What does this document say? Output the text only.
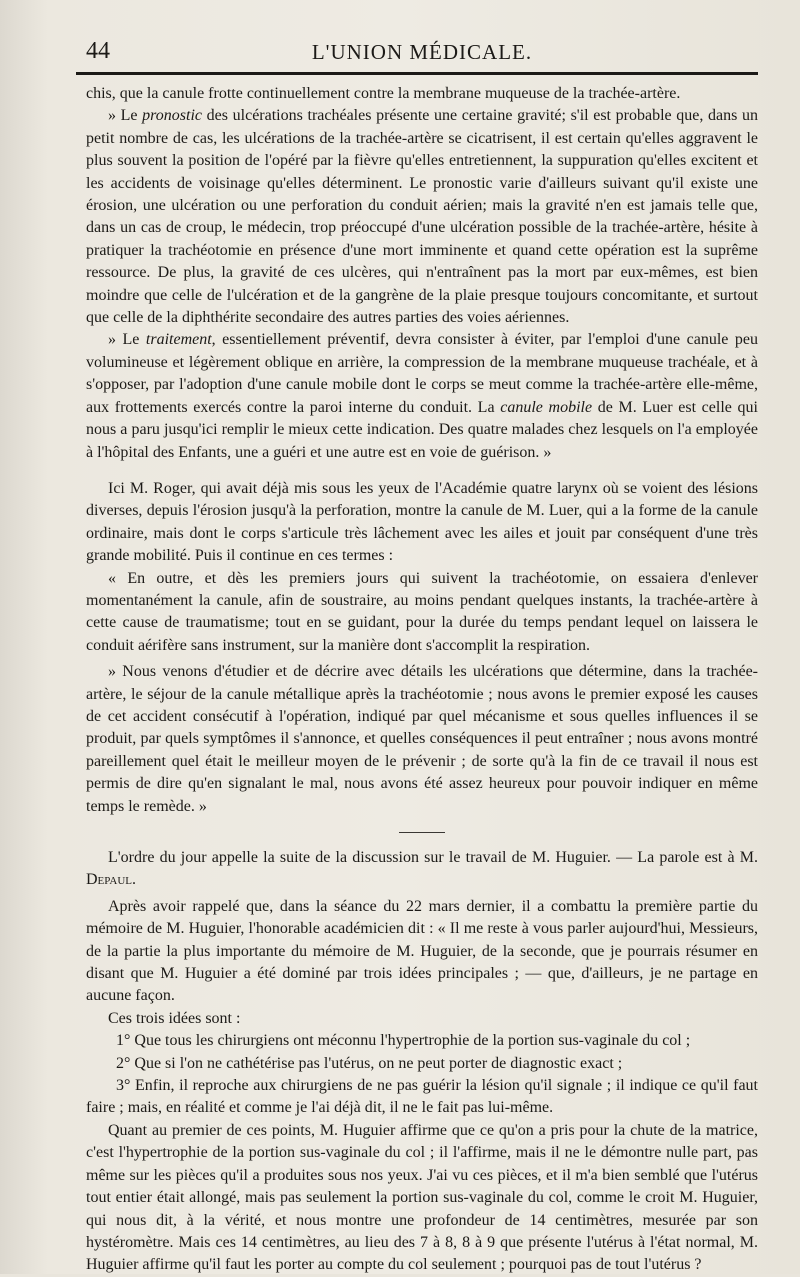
44	L'UNION MÉDICALE.

chis, que la canule frotte continuellement contre la membrane muqueuse de la trachée-artère.

» Le pronostic des ulcérations trachéales présente une certaine gravité; s'il est probable que, dans un petit nombre de cas, les ulcérations de la trachée-artère se cicatrisent, il est certain qu'elles aggravent le plus souvent la position de l'opéré par la fièvre qu'elles entretiennent, la suppuration qu'elles excitent et les accidents de voisinage qu'elles déterminent. Le pronostic varie d'ailleurs suivant qu'il existe une érosion, une ulcération ou une perforation du conduit aérien; mais la gravité n'en est jamais telle que, dans un cas de croup, le médecin, trop préoccupé d'une ulcération possible de la trachée-artère, hésite à pratiquer la trachéotomie en présence d'une mort imminente et quand cette opération est la suprême ressource. De plus, la gravité de ces ulcères, qui n'entraînent pas la mort par eux-mêmes, est bien moindre que celle de l'ulcération et de la gangrène de la plaie presque toujours concomitante, et surtout que celle de la diphthérite secondaire des autres parties des voies aériennes.

» Le traitement, essentiellement préventif, devra consister à éviter, par l'emploi d'une canule peu volumineuse et légèrement oblique en arrière, la compression de la membrane muqueuse trachéale, et à s'opposer, par l'adoption d'une canule mobile dont le corps se meut comme la trachée-artère elle-même, aux frottements exercés contre la paroi interne du conduit. La canule mobile de M. Luer est celle qui nous a paru jusqu'ici remplir le mieux cette indication. Des quatre malades chez lesquels on l'a employée à l'hôpital des Enfants, une a guéri et une autre est en voie de guérison. »

Ici M. Roger, qui avait déjà mis sous les yeux de l'Académie quatre larynx où se voient des lésions diverses, depuis l'érosion jusqu'à la perforation, montre la canule de M. Luer, qui a la forme de la canule ordinaire, mais dont le corps s'articule très lâchement avec les ailes et jouit par conséquent d'une très grande mobilité. Puis il continue en ces termes :

« En outre, et dès les premiers jours qui suivent la trachéotomie, on essaiera d'enlever momentanément la canule, afin de soustraire, au moins pendant quelques instants, la trachée-artère à cette cause de traumatisme; tout en se guidant, pour la durée du temps pendant lequel on laissera le conduit aérifère sans instrument, sur la manière dont s'accomplit la respiration.

» Nous venons d'étudier et de décrire avec détails les ulcérations que détermine, dans la trachée-artère, le séjour de la canule métallique après la trachéotomie ; nous avons le premier exposé les causes de cet accident consécutif à l'opération, indiqué par quel mécanisme et sous quelles influences il se produit, par quels symptômes il s'annonce, et quelles conséquences il peut entraîner ; nous avons montré pareillement quel était le meilleur moyen de le prévenir ; de sorte qu'à la fin de ce travail il nous est permis de dire qu'en signalant le mal, nous avons été assez heureux pour pouvoir indiquer en même temps le remède. »

L'ordre du jour appelle la suite de la discussion sur le travail de M. Huguier. — La parole est à M. Depaul.

Après avoir rappelé que, dans la séance du 22 mars dernier, il a combattu la première partie du mémoire de M. Huguier, l'honorable académicien dit : « Il me reste à vous parler aujourd'hui, Messieurs, de la partie la plus importante du mémoire de M. Huguier, de la seconde, que je pourrais résumer en disant que M. Huguier a été dominé par trois idées principales ; — que, d'ailleurs, je ne partage en aucune façon.

Ces trois idées sont :

1° Que tous les chirurgiens ont méconnu l'hypertrophie de la portion sus-vaginale du col ;

2° Que si l'on ne cathétérise pas l'utérus, on ne peut porter de diagnostic exact ;

3° Enfin, il reproche aux chirurgiens de ne pas guérir la lésion qu'il signale ; il indique ce qu'il faut faire ; mais, en réalité et comme je l'ai déjà dit, il ne le fait pas lui-même.

Quant au premier de ces points, M. Huguier affirme que ce qu'on a pris pour la chute de la matrice, c'est l'hypertrophie de la portion sus-vaginale du col ; il l'affirme, mais il ne le démontre nulle part, pas même sur les pièces qu'il a produites sous nos yeux. J'ai vu ces pièces, et il m'a bien semblé que l'utérus tout entier était allongé, mais pas seulement la portion sus-vaginale du col, comme le croit M. Huguier, qui nous dit, à la vérité, et nous montre une profondeur de 14 centimètres, mesurée par son hystéromètre. Mais ces 14 centimètres, au lieu des 7 à 8, 8 à 9 que présente l'utérus à l'état normal, M. Huguier affirme qu'il faut les porter au compte du col seulement ; pourquoi pas de tout l'utérus ?
